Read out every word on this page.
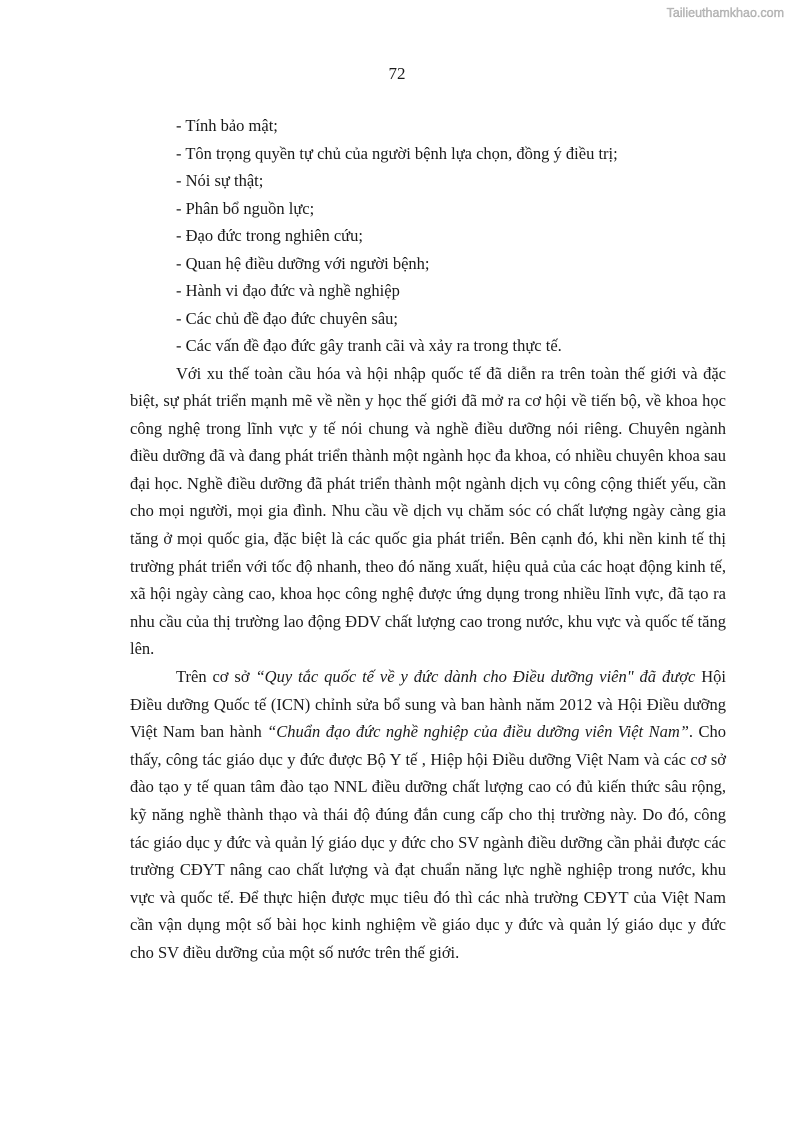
Tailieuthamkhao.com
72
- Tính bảo mật;
- Tôn trọng quyền tự chủ của người bệnh lựa chọn, đồng ý điều trị;
- Nói sự thật;
- Phân bổ nguồn lực;
- Đạo đức trong nghiên cứu;
- Quan hệ điều dưỡng với người bệnh;
- Hành vi đạo đức và nghề nghiệp
- Các chủ đề đạo đức chuyên sâu;
- Các vấn đề đạo đức gây tranh cãi và xảy ra trong thực tế.

Với xu thế toàn cầu hóa và hội nhập quốc tế đã diễn ra trên toàn thế giới và đặc biệt, sự phát triển mạnh mẽ về nền y học thế giới đã mở ra cơ hội về tiến bộ, về khoa học công nghệ trong lĩnh vực y tế nói chung và nghề điều dưỡng nói riêng. Chuyên ngành điều dưỡng đã và đang phát triển thành một ngành học đa khoa, có nhiều chuyên khoa sau đại học. Nghề điều dưỡng đã phát triển thành một ngành dịch vụ công cộng thiết yếu, cần cho mọi người, mọi gia đình. Nhu cầu về dịch vụ chăm sóc có chất lượng ngày càng gia tăng ở mọi quốc gia, đặc biệt là các quốc gia phát triển. Bên cạnh đó, khi nền kinh tế thị trường phát triển với tốc độ nhanh, theo đó năng xuất, hiệu quả của các hoạt động kinh tế, xã hội ngày càng cao, khoa học công nghệ được ứng dụng trong nhiều lĩnh vực, đã tạo ra nhu cầu của thị trường lao động ĐDV chất lượng cao trong nước, khu vực và quốc tế tăng lên.

Trên cơ sở “Quy tắc quốc tế về y đức dành cho Điều dưỡng viên" đã được Hội Điều dưỡng Quốc tế (ICN) chỉnh sửa bổ sung và ban hành năm 2012 và Hội Điều dưỡng Việt Nam ban hành “Chuẩn đạo đức nghề nghiệp của điều dưỡng viên Việt Nam”. Cho thấy, công tác giáo dục y đức được Bộ Y tế , Hiệp hội Điều dưỡng Việt Nam và các cơ sở đào tạo y tế quan tâm đào tạo NNL điều dưỡng chất lượng cao có đủ kiến thức sâu rộng, kỹ năng nghề thành thạo và thái độ đúng đắn cung cấp cho thị trường này. Do đó, công tác giáo dục y đức và quản lý giáo dục y đức cho SV ngành điều dưỡng cần phải được các trường CĐYT nâng cao chất lượng và đạt chuẩn năng lực nghề nghiệp trong nước, khu vực và quốc tế. Để thực hiện được mục tiêu đó thì các nhà trường CĐYT của Việt Nam cần vận dụng một số bài học kinh nghiệm về giáo dục y đức và quản lý giáo dục y đức cho SV điều dưỡng của một số nước trên thế giới.
